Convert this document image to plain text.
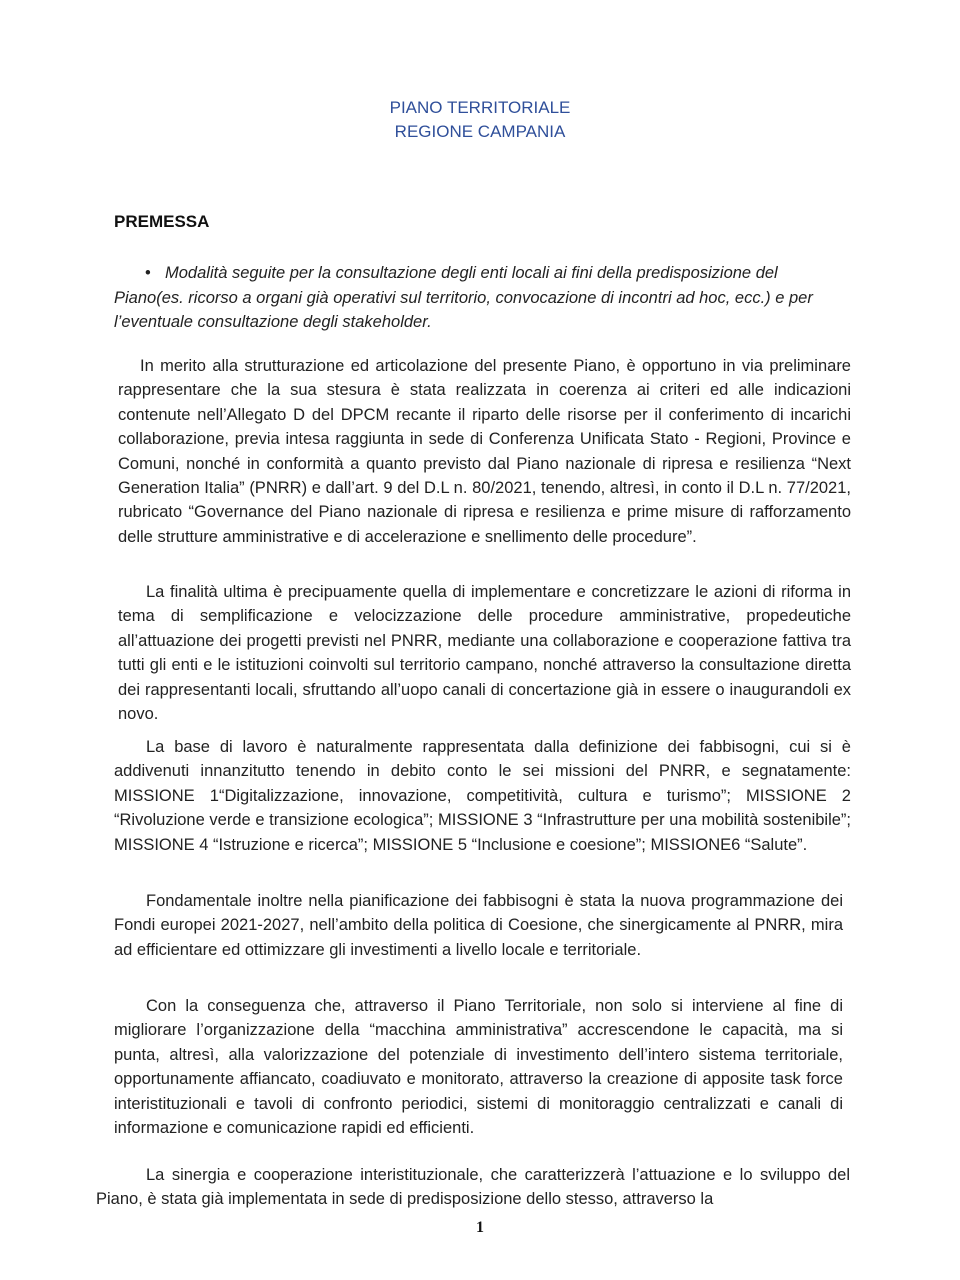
PIANO TERRITORIALE
REGIONE CAMPANIA
PREMESSA
• Modalità seguite per la consultazione degli enti locali ai fini della predisposizione del Piano(es. ricorso a organi già operativi sul territorio, convocazione di incontri ad hoc, ecc.) e per l’eventuale consultazione degli stakeholder.
In merito alla strutturazione ed articolazione del presente Piano, è opportuno in via preliminare rappresentare che la sua stesura è stata realizzata in coerenza ai criteri ed alle indicazioni contenute nell’Allegato D del DPCM recante il riparto delle risorse per il conferimento di incarichi collaborazione, previa intesa raggiunta in sede di Conferenza Unificata Stato - Regioni, Province e Comuni, nonché in conformità a quanto previsto dal Piano nazionale di ripresa e resilienza “Next Generation Italia” (PNRR) e dall’art. 9 del D.L n. 80/2021, tenendo, altresì, in conto il D.L n. 77/2021, rubricato “Governance del Piano nazionale di ripresa e resilienza e prime misure di rafforzamento delle strutture amministrative e di accelerazione e snellimento delle procedure”.
La finalità ultima è precipuamente quella di implementare e concretizzare le azioni di riforma in tema di semplificazione e velocizzazione delle procedure amministrative, propedeutiche all’attuazione dei progetti previsti nel PNRR, mediante una collaborazione e cooperazione fattiva tra tutti gli enti e le istituzioni coinvolti sul territorio campano, nonché attraverso la consultazione diretta dei rappresentanti locali, sfruttando all’uopo canali di concertazione già in essere o inaugurandoli ex novo.
La base di lavoro è naturalmente rappresentata dalla definizione dei fabbisogni, cui si è addivenuti innanzitutto tenendo in debito conto le sei missioni del PNRR, e segnatamente: MISSIONE 1“Digitalizzazione, innovazione, competitività, cultura e turismo”; MISSIONE 2 “Rivoluzione verde e transizione ecologica”; MISSIONE 3 “Infrastrutture per una mobilità sostenibile”; MISSIONE 4 “Istruzione e ricerca”; MISSIONE 5 “Inclusione e coesione”; MISSIONE6 “Salute”.
Fondamentale inoltre nella pianificazione dei fabbisogni è stata la nuova programmazione dei Fondi europei 2021-2027, nell’ambito della politica di Coesione, che sinergicamente al PNRR, mira ad efficientare ed ottimizzare gli investimenti a livello locale e territoriale.
Con la conseguenza che, attraverso il Piano Territoriale, non solo si interviene al fine di migliorare l’organizzazione della “macchina amministrativa” accrescendone le capacità, ma si punta, altresì, alla valorizzazione del potenziale di investimento dell’intero sistema territoriale, opportunamente affiancato, coadiuvato e monitorato, attraverso la creazione di apposite task force interistituzionali e tavoli di confronto periodici, sistemi di monitoraggio centralizzati e canali di informazione e comunicazione rapidi ed efficienti.
La sinergia e cooperazione interistituzionale, che caratterizzerà l’attuazione e lo sviluppo del Piano, è stata già implementata in sede di predisposizione dello stesso, attraverso la
1
